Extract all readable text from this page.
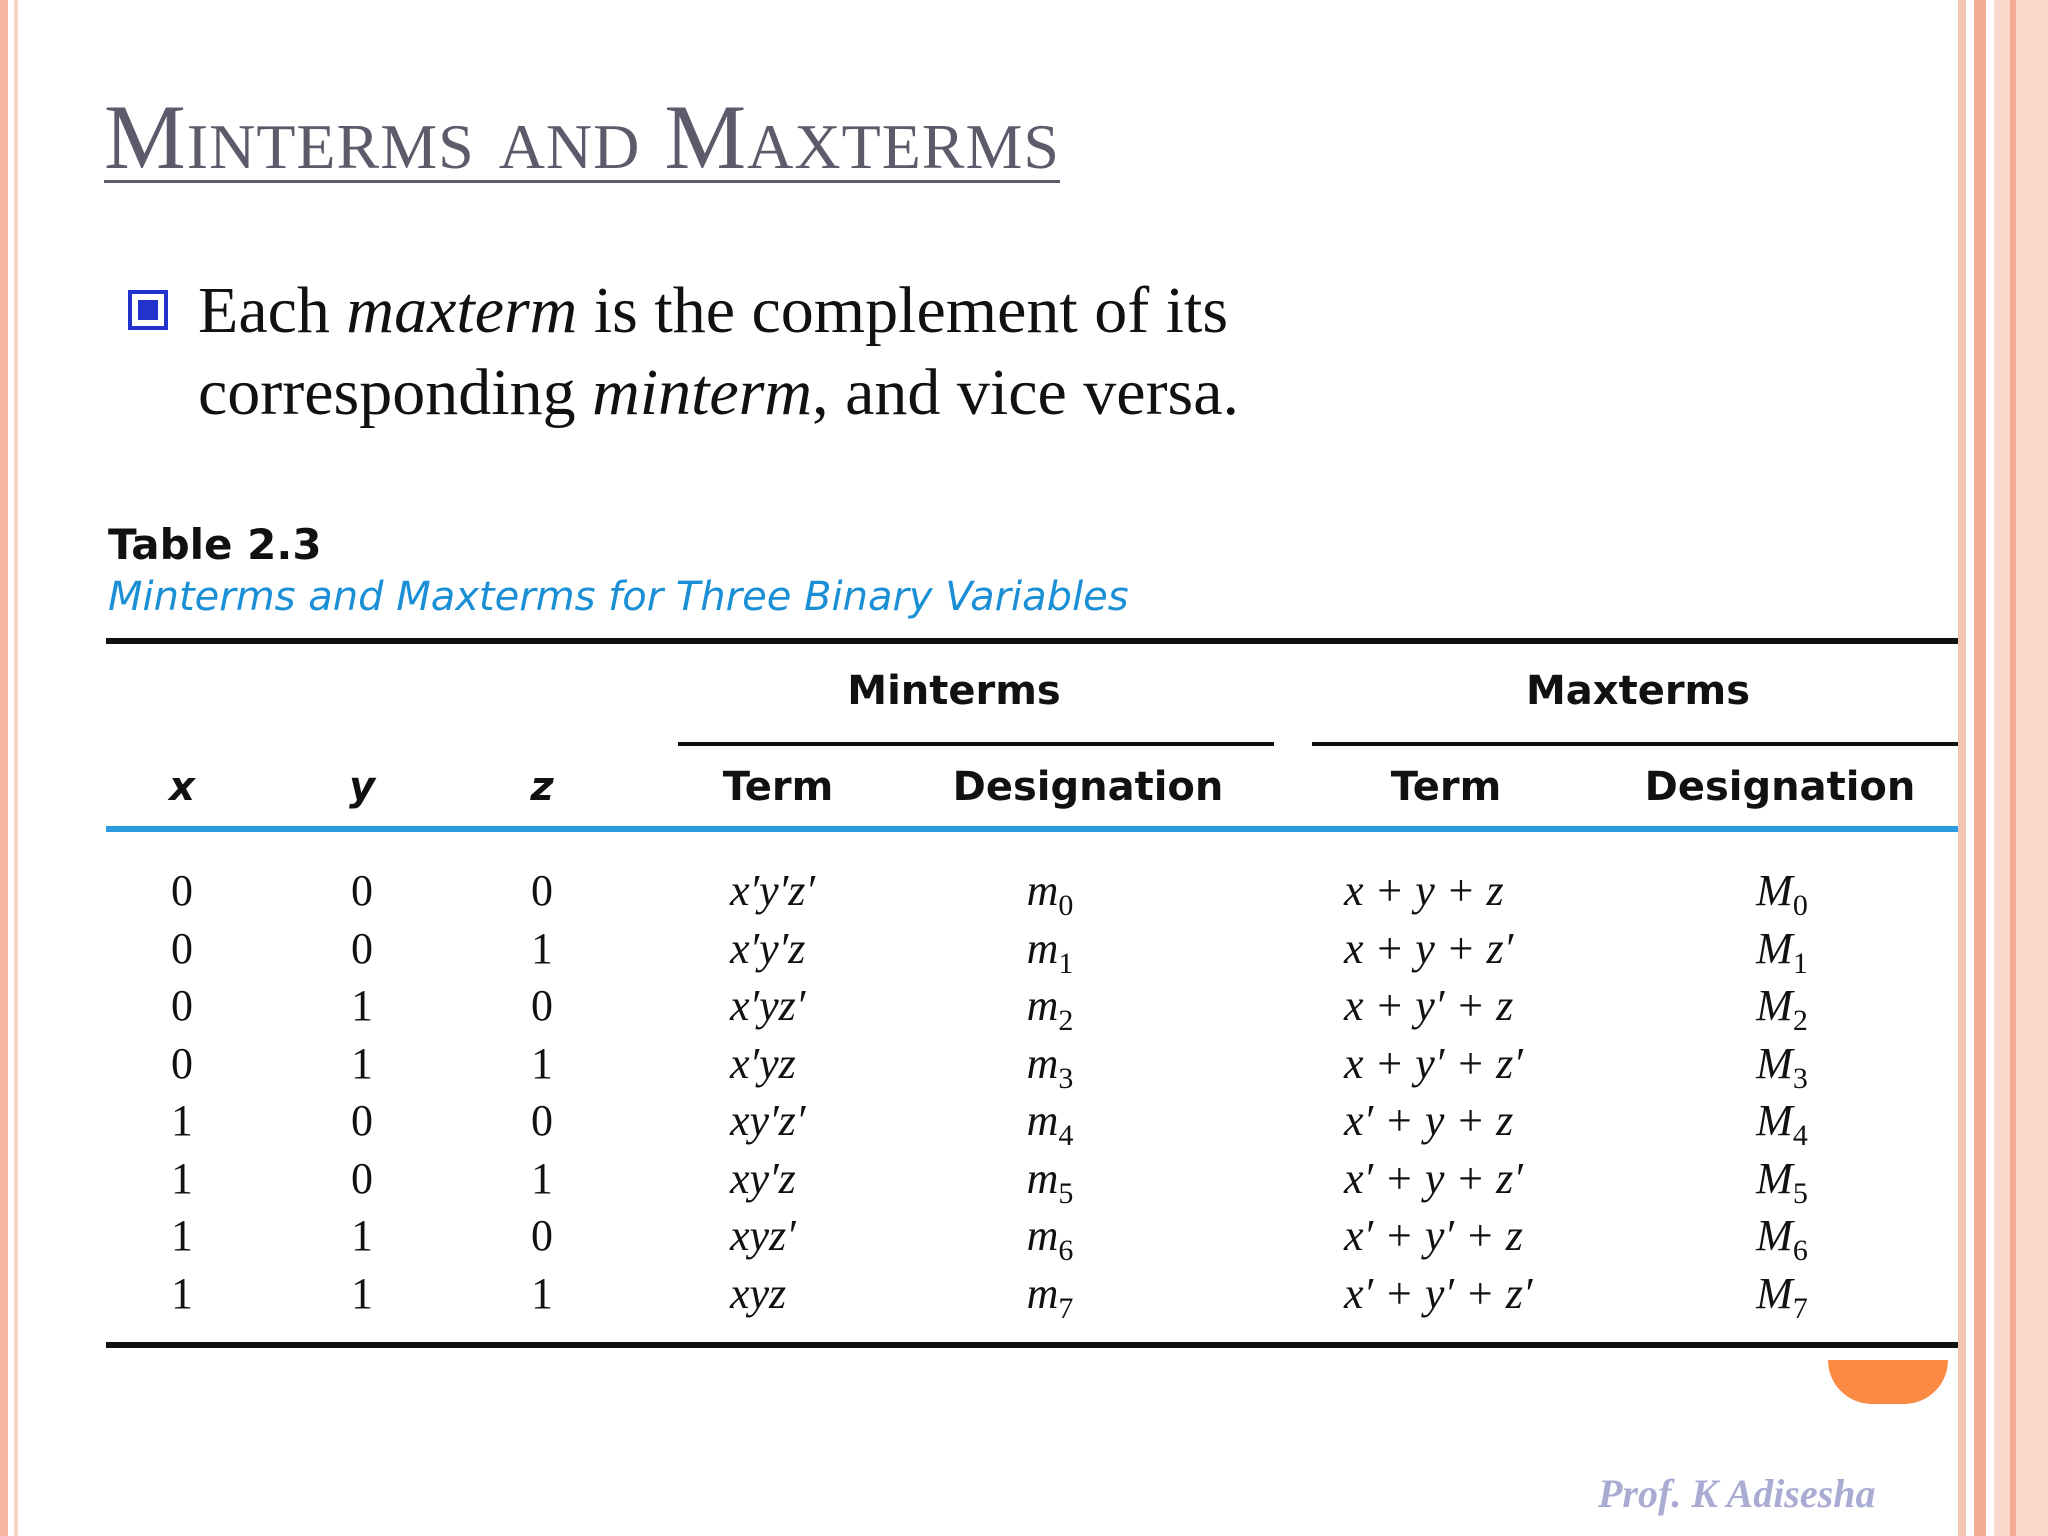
Minterms and Maxterms
Each maxterm is the complement of its corresponding minterm, and vice versa.
Table 2.3
Minterms and Maxterms for Three Binary Variables
Minterms	Maxterms
x	y	z	Term	Designation	Term	Designation
0	0	0	x′y′z′	$m_0$	x + y + z	$M_0$
0	0	1	x′y′z	$m_1$	x + y + z′	$M_1$
0	1	0	x′yz′	$m_2$	x + y′ + z	$M_2$
0	1	1	x′yz	$m_3$	x + y′ + z′	$M_3$
1	0	0	xy′z′	$m_4$	x′ + y + z	$M_4$
1	0	1	xy′z	$m_5$	x′ + y + z′	$M_5$
1	1	0	xyz′	$m_6$	x′ + y′ + z	$M_6$
1	1	1	xyz	$m_7$	x′ + y′ + z′	$M_7$
Prof. K Adisesha
